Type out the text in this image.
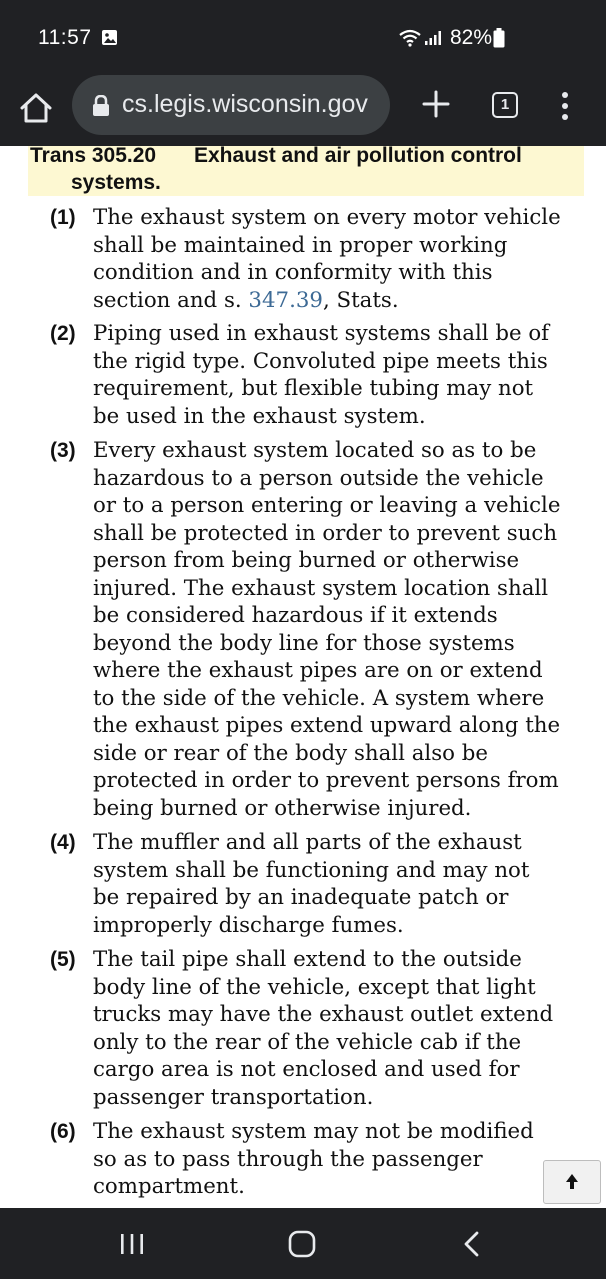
11:57	82%
cs.legis.wisconsin.gov	1
Trans 305.20 Exhaust and air pollution control
systems.
(1) The exhaust system on every motor vehicle
shall be maintained in proper working
condition and in conformity with this
section and s. 347.39, Stats.
(2) Piping used in exhaust systems shall be of
the rigid type. Convoluted pipe meets this
requirement, but flexible tubing may not
be used in the exhaust system.
(3) Every exhaust system located so as to be
hazardous to a person outside the vehicle
or to a person entering or leaving a vehicle
shall be protected in order to prevent such
person from being burned or otherwise
injured. The exhaust system location shall
be considered hazardous if it extends
beyond the body line for those systems
where the exhaust pipes are on or extend
to the side of the vehicle. A system where
the exhaust pipes extend upward along the
side or rear of the body shall also be
protected in order to prevent persons from
being burned or otherwise injured.
(4) The muffler and all parts of the exhaust
system shall be functioning and may not
be repaired by an inadequate patch or
improperly discharge fumes.
(5) The tail pipe shall extend to the outside
body line of the vehicle, except that light
trucks may have the exhaust outlet extend
only to the rear of the vehicle cab if the
cargo area is not enclosed and used for
passenger transportation.
(6) The exhaust system may not be modified
so as to pass through the passenger
compartment.
